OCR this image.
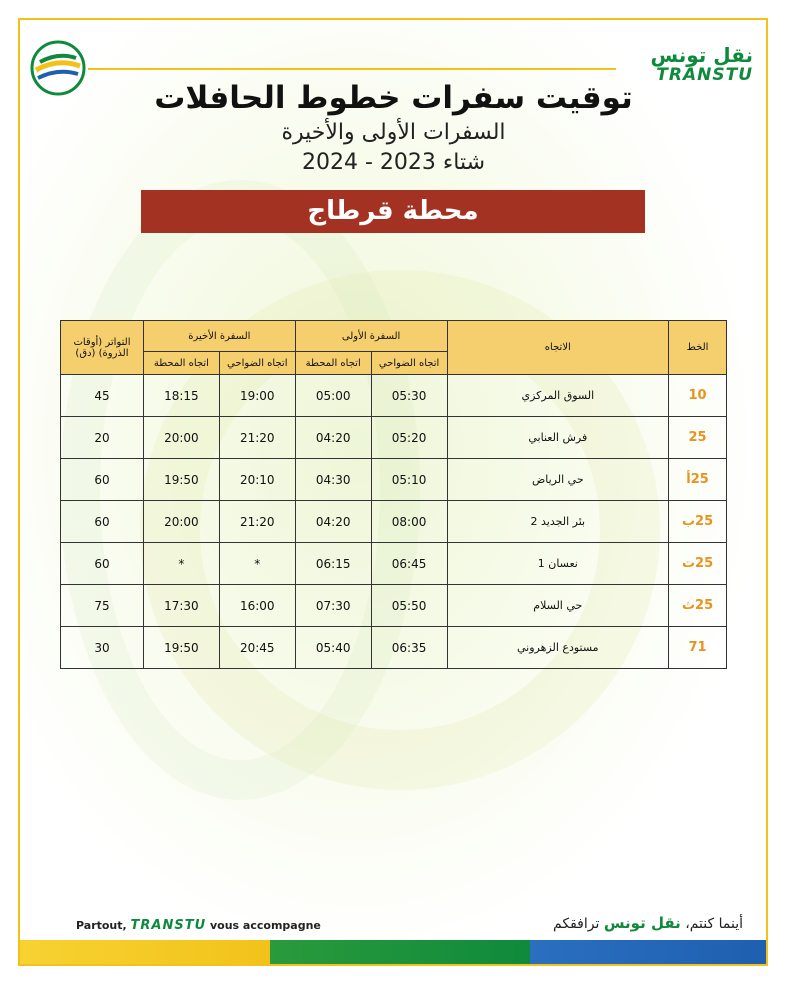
نقل تونس
TRANSTU
توقيت سفرات خطوط الحافلات
السفرات الأولى والأخيرة
شتاء 2023 - 2024
محطة قرطاج
الخط	الاتجاه	السفرة الأولى		السفرة الأخيرة		التواتر (أوقات الذروة) (دق)
		اتجاه الضواحي	اتجاه المحطة	اتجاه الضواحي	اتجاه المحطة	
10	السوق المركزي	05:30	05:00	19:00	18:15	45
25	فرش العنابي	05:20	04:20	21:20	20:00	20
25أ	حي الرياض	05:10	04:30	20:10	19:50	60
25ب	بئر الجديد 2	08:00	04:20	21:20	20:00	60
25ت	نعسان 1	06:45	06:15	*	*	60
25ث	حي السلام	05:50	07:30	16:00	17:30	75
71	مستودع الزهروني	06:35	05:40	20:45	19:50	30
Partout, TRANSTU vous accompagne	أينما كنتم، نقل تونس ترافقكم
